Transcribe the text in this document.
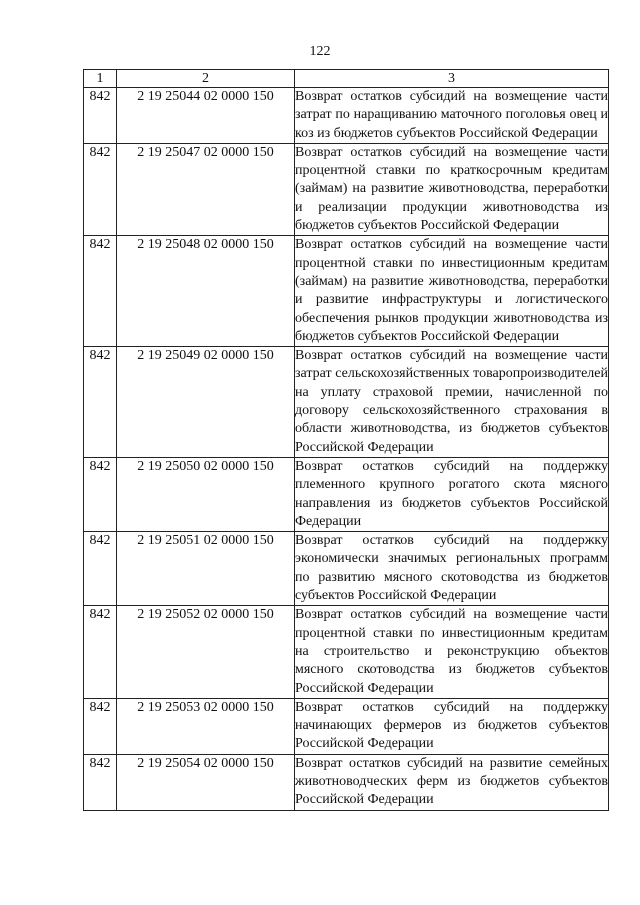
122
1	2	3
842	2 19 25044 02 0000 150	Возврат остатков субсидий на возмещение части затрат по наращиванию маточного поголовья овец и коз из бюджетов субъектов Российской Федерации
842	2 19 25047 02 0000 150	Возврат остатков субсидий на возмещение части процентной ставки по краткосрочным кредитам (займам) на развитие животноводства, переработки и реализации продукции животноводства из бюджетов субъектов Российской Федерации
842	2 19 25048 02 0000 150	Возврат остатков субсидий на возмещение части процентной ставки по инвестиционным кредитам (займам) на развитие животноводства, переработки и развитие инфраструктуры и логистического обеспечения рынков продукции животноводства из бюджетов субъектов Российской Федерации
842	2 19 25049 02 0000 150	Возврат остатков субсидий на возмещение части затрат сельскохозяйственных товаропроизводителей на уплату страховой премии, начисленной по договору сельскохозяйственного страхования в области животноводства, из бюджетов субъектов Российской Федерации
842	2 19 25050 02 0000 150	Возврат остатков субсидий на поддержку племенного крупного рогатого скота мясного направления из бюджетов субъектов Российской Федерации
842	2 19 25051 02 0000 150	Возврат остатков субсидий на поддержку экономически значимых региональных программ по развитию мясного скотоводства из бюджетов субъектов Российской Федерации
842	2 19 25052 02 0000 150	Возврат остатков субсидий на возмещение части процентной ставки по инвестиционным кредитам на строительство и реконструкцию объектов мясного скотоводства из бюджетов субъектов Российской Федерации
842	2 19 25053 02 0000 150	Возврат остатков субсидий на поддержку начинающих фермеров из бюджетов субъектов Российской Федерации
842	2 19 25054 02 0000 150	Возврат остатков субсидий на развитие семейных животноводческих ферм из бюджетов субъектов Российской Федерации
